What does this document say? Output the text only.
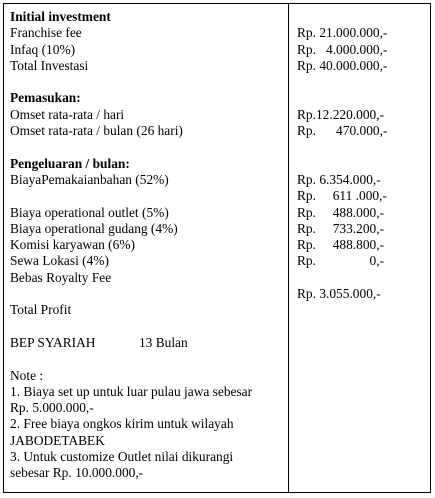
Initial investment
Franchise fee
Infaq (10%)
Total Investasi
Pemasukan:
Omset rata-rata / hari
Omset rata-rata / bulan (26 hari)
Pengeluaran / bulan:
BiayaPemakaianbahan (52%)
Biaya operational outlet (5%)
Biaya operational gudang (4%)
Komisi karyawan (6%)
Sewa Lokasi (4%)
Bebas Royalty Fee
Total Profit
BEP SYARIAH             13 Bulan
Note :
1. Biaya set up untuk luar pulau jawa sebesar
Rp. 5.000.000,-
2. Free biaya ongkos kirim untuk wilayah
JABODETABEK
3. Untuk customize Outlet nilai dikurangi
sebesar Rp. 10.000.000,-
Rp. 21.000.000,-
Rp.   4.000.000,-
Rp. 40.000.000,-
Rp.12.220.000,-
Rp.      470.000,-
Rp. 6.354.000,-
Rp.     611 .000,-
Rp.     488.000,-
Rp.     733.200,-
Rp.     488.800,-
Rp.                0,-
Rp. 3.055.000,-
